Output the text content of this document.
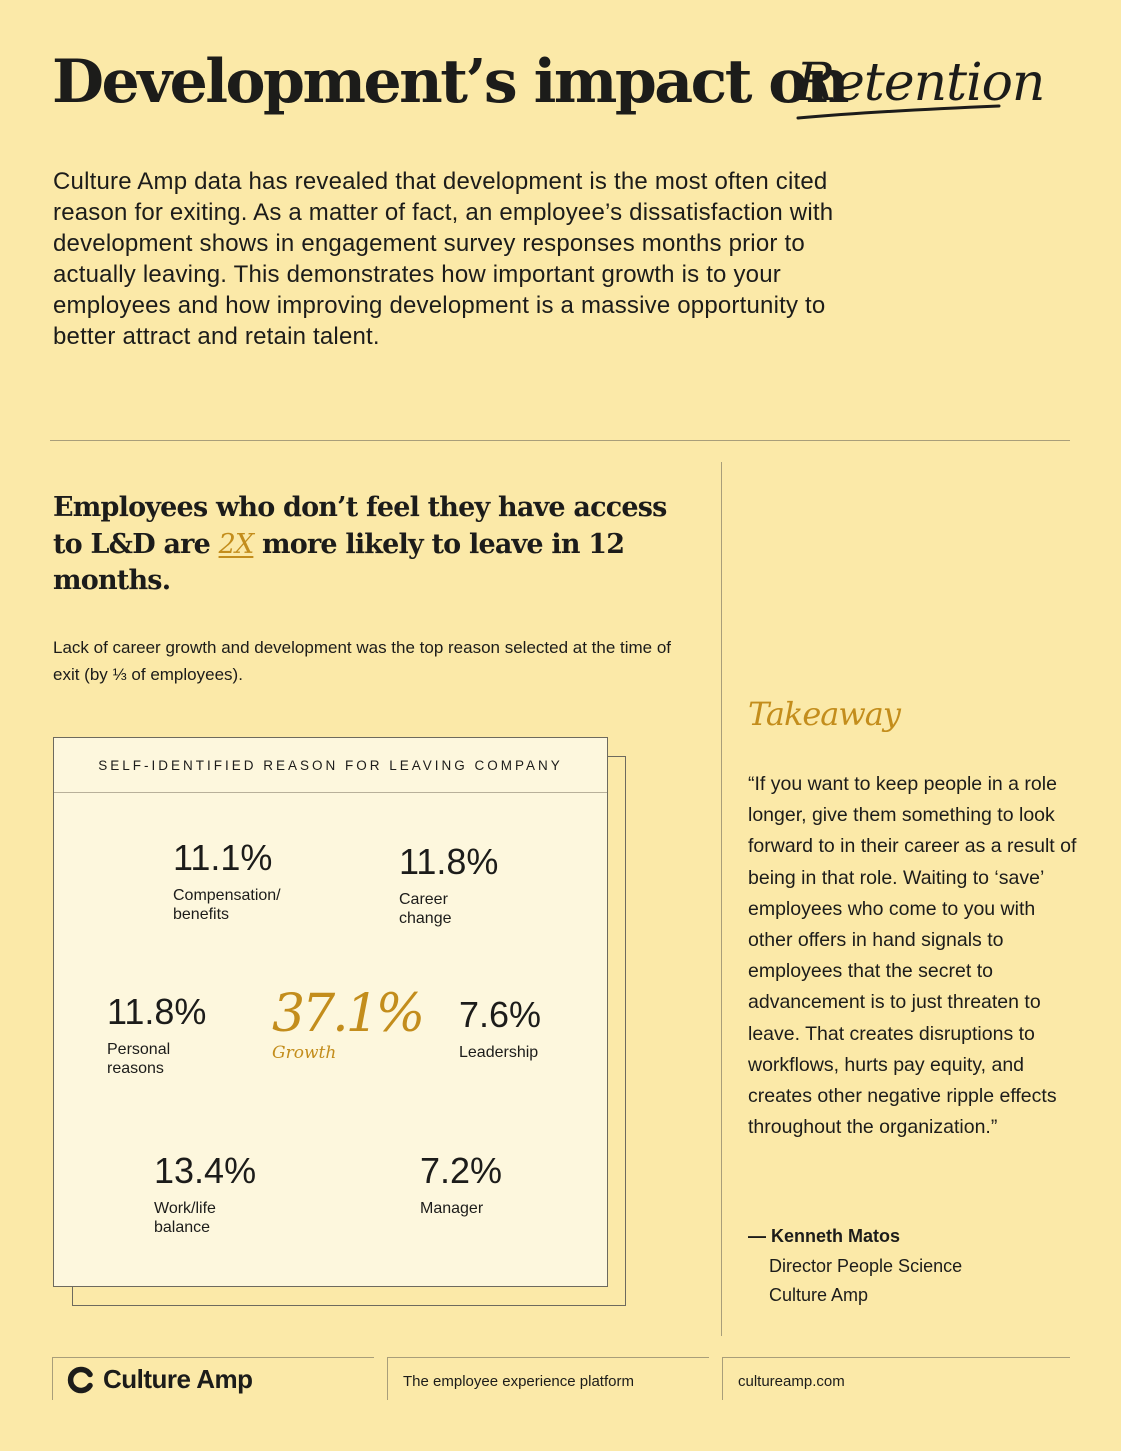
Development’s impact on
Retention
Culture Amp data has revealed that development is the most often cited reason for exiting. As a matter of fact, an employee’s dissatisfaction with development shows in engagement survey responses months prior to actually leaving. This demonstrates how important growth is to your employees and how improving development is a massive opportunity to better attract and retain talent.
Employees who don’t feel they have access to L&D are 2X more likely to leave in 12 months.
Lack of career growth and development was the top reason selected at the time of exit (by ⅓ of employees).
SELF-IDENTIFIED REASON FOR LEAVING COMPANY
11.1%
Compensation/ benefits
11.8%
Career change
11.8%
Personal reasons
37.1%
Growth
7.6%
Leadership
13.4%
Work/life balance
7.2%
Manager
Takeaway
“If you want to keep people in a role longer, give them something to look forward to in their career as a result of being in that role. Waiting to ‘save’ employees who come to you with other offers in hand signals to employees that the secret to advancement is to just threaten to leave. That creates disruptions to workflows, hurts pay equity, and creates other negative ripple effects throughout the organization.”
— Kenneth Matos
Director People Science
Culture Amp
Culture Amp	The employee experience platform	cultureamp.com
